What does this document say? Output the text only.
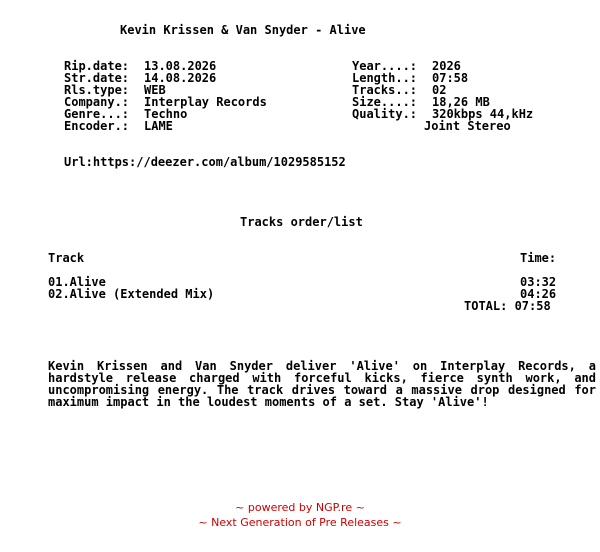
Kevin Krissen & Van Snyder - Alive
Rip.date: 13.08.2026
Str.date: 14.08.2026
Rls.type: WEB
Company.: Interplay Records
Genre...: Techno
Encoder.: LAME
Year....: 2026
Length..: 07:58
Tracks..: 02
Size....: 18,26 MB
Quality.: 320kbps 44,kHz
Joint Stereo
Url:https://deezer.com/album/1029585152
Tracks order/list
Track	Time:
01.Alive	03:32
02.Alive (Extended Mix)	04:26
TOTAL: 07:58
Kevin Krissen and Van Snyder deliver 'Alive' on Interplay Records, a hardstyle release charged with forceful kicks, fierce synth work, and uncompromising energy. The track drives toward a massive drop designed for maximum impact in the loudest moments of a set. Stay 'Alive'!
~ powered by NGP.re ~
~ Next Generation of Pre Releases ~
